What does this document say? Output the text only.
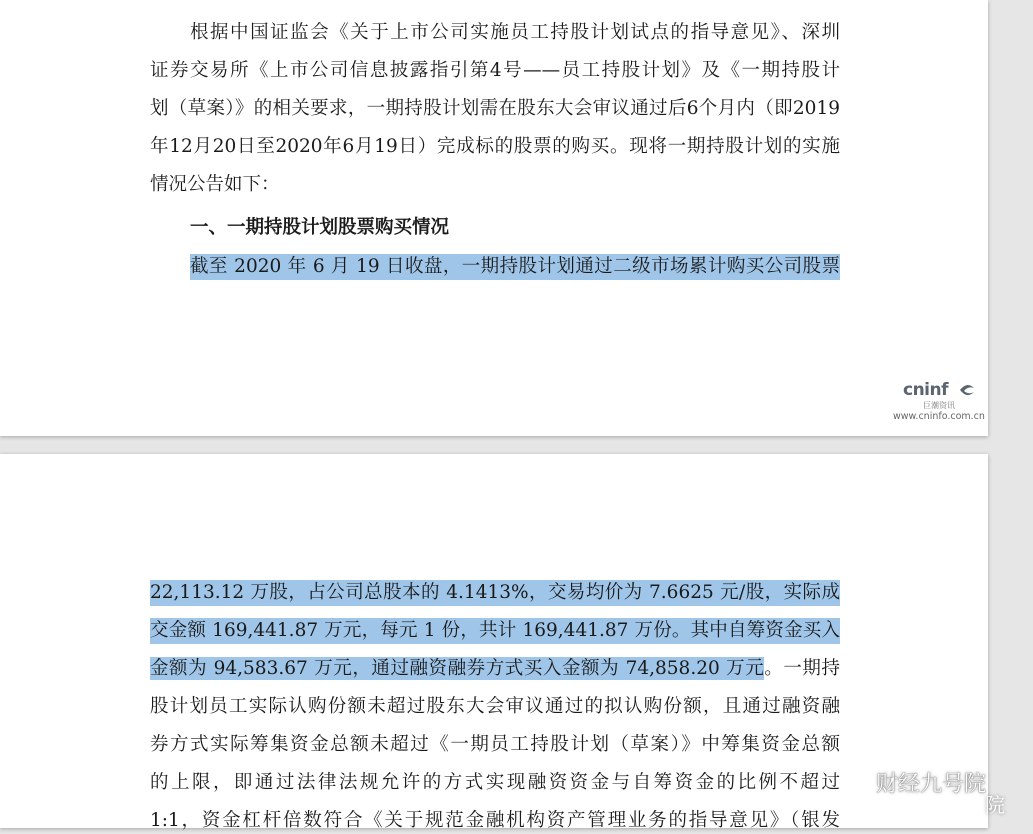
根据中国证监会《关于上市公司实施员工持股计划试点的指导意见》、深圳
证券交易所《上市公司信息披露指引第4号——员工持股计划》及《一期持股计
划（草案）》的相关要求，一期持股计划需在股东大会审议通过后6个月内（即2019
年12月20日至2020年6月19日）完成标的股票的购买。现将一期持股计划的实施
情况公告如下：
一、一期持股计划股票购买情况
截至 2020 年 6 月 19 日收盘，一期持股计划通过二级市场累计购买公司股票
cninf
巨潮资讯
www.cninfo.com.cn
22,113.12 万股，占公司总股本的 4.1413%，交易均价为 7.6625 元/股，实际成
交金额 169,441.87 万元，每元 1 份，共计 169,441.87 万份。其中自筹资金买入
金额为 94,583.67 万元，通过融资融券方式买入金额为 74,858.20 万元。一期持
股计划员工实际认购份额未超过股东大会审议通过的拟认购份额，且通过融资融
券方式实际筹集资金总额未超过《一期员工持股计划（草案）》中筹集资金总额
的上限，即通过法律法规允许的方式实现融资资金与自筹资金的比例不超过
1:1，资金杠杆倍数符合《关于规范金融机构资产管理业务的指导意见》（银发
财经九号院
院
